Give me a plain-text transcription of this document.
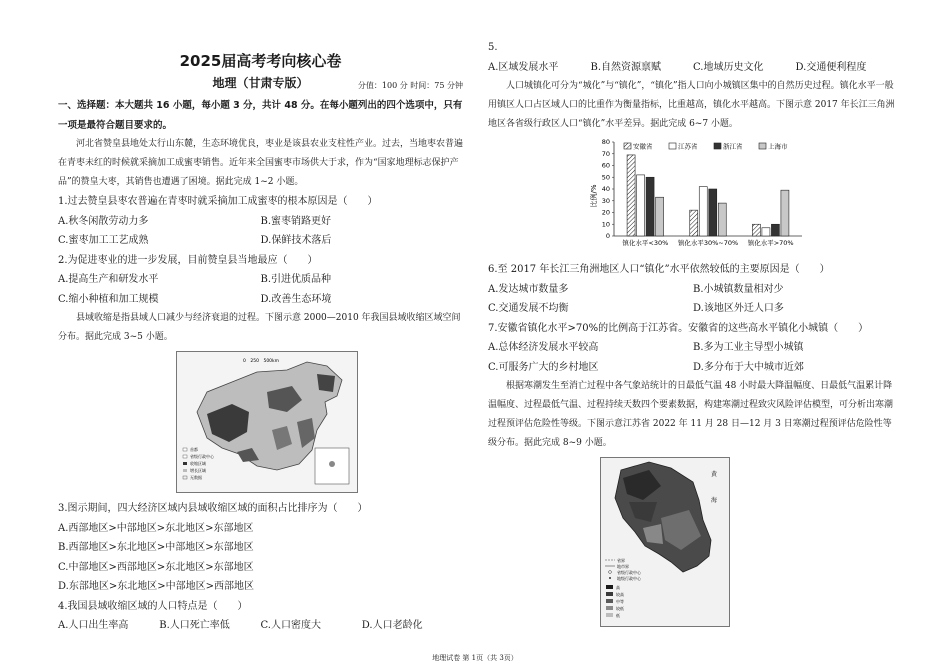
2025届高考考向核心卷
地理（甘肃专版）	分值：100 分 时间：75 分钟
一、选择题：本大题共 16 小题，每小题 3 分，共计 48 分。在每小题列出的四个选项中，只有一项是最符合题目要求的。
河北省赞皇县地处太行山东麓，生态环境优良，枣业是该县农业支柱性产业。过去，当地枣农普遍在青枣未红的时候就采摘加工成蜜枣销售。近年来全国蜜枣市场供大于求，作为“国家地理标志保护产品”的赞皇大枣，其销售也遭遇了困境。据此完成 1~2 小题。
1.过去赞皇县枣农普遍在青枣时就采摘加工成蜜枣的根本原因是（　　）
A.秋冬闲散劳动力多	B.蜜枣销路更好
C.蜜枣加工工艺成熟	D.保鲜技术落后
2.为促进枣业的进一步发展，目前赞皇县当地最应（　　）
A.提高生产和研发水平	B.引进优质品种
C.缩小种植和加工规模	D.改善生态环境
县域收缩是指县域人口减少与经济衰退的过程。下图示意 2000—2010 年我国县域收缩区域空间分布。据此完成 3~5 小题。
首都
省级行政中心
收缩区域
增长区域
无数据
0　250　500km
3.图示期间，四大经济区域内县域收缩区域的面积占比排序为（　　）
A.西部地区>中部地区>东北地区>东部地区
B.西部地区>东北地区>中部地区>东部地区
C.中部地区>西部地区>东北地区>东部地区
D.东部地区>东北地区>中部地区>西部地区
4.我国县域收缩区域的人口特点是（　　）
A.人口出生率高	B.人口死亡率低	C.人口密度大	D.人口老龄化
5.
A.区域发展水平	B.自然资源禀赋	C.地域历史文化	D.交通便利程度
人口城镇化可分为“城化”与“镇化”，“镇化”指人口向小城镇区集中的自然历史过程。镇化水平一般用镇区人口占区域人口的比重作为衡量指标，比重越高，镇化水平越高。下图示意 2017 年长江三角洲地区各省级行政区人口“镇化”水平差异。据此完成 6~7 小题。
比例/%
0
10
20
30
40
50
60
70
80
镇化水平<30% 镇化水平30%~70% 镇化水平>70%
安徽省	江苏省	浙江省	上海市
6.至 2017 年长江三角洲地区人口“镇化”水平依然较低的主要原因是（　　）
A.发达城市数量多	B.小城镇数量相对少
C.交通发展不均衡	D.该地区外迁人口多
7.安徽省镇化水平>70%的比例高于江苏省。安徽省的这些高水平镇化小城镇（　　）
A.总体经济发展水平较高	B.多为工业主导型小城镇
C.可服务广大的乡村地区	D.多分布于大中城市近郊
根据寒潮发生至消亡过程中各气象站统计的日最低气温 48 小时最大降温幅度、日最低气温累计降温幅度、过程最低气温、过程持续天数四个要素数据，构建寒潮过程致灾风险评估模型，可分析出寒潮过程预评估危险性等级。下图示意江苏省 2022 年 11 月 28 日—12 月 3 日寒潮过程预评估危险性等级分布。据此完成 8~9 小题。
黄
海
省界
地市界
省级行政中心
地级行政中心
高
较高
中等
较低
低
地理试卷 第 1页（共 3页）
